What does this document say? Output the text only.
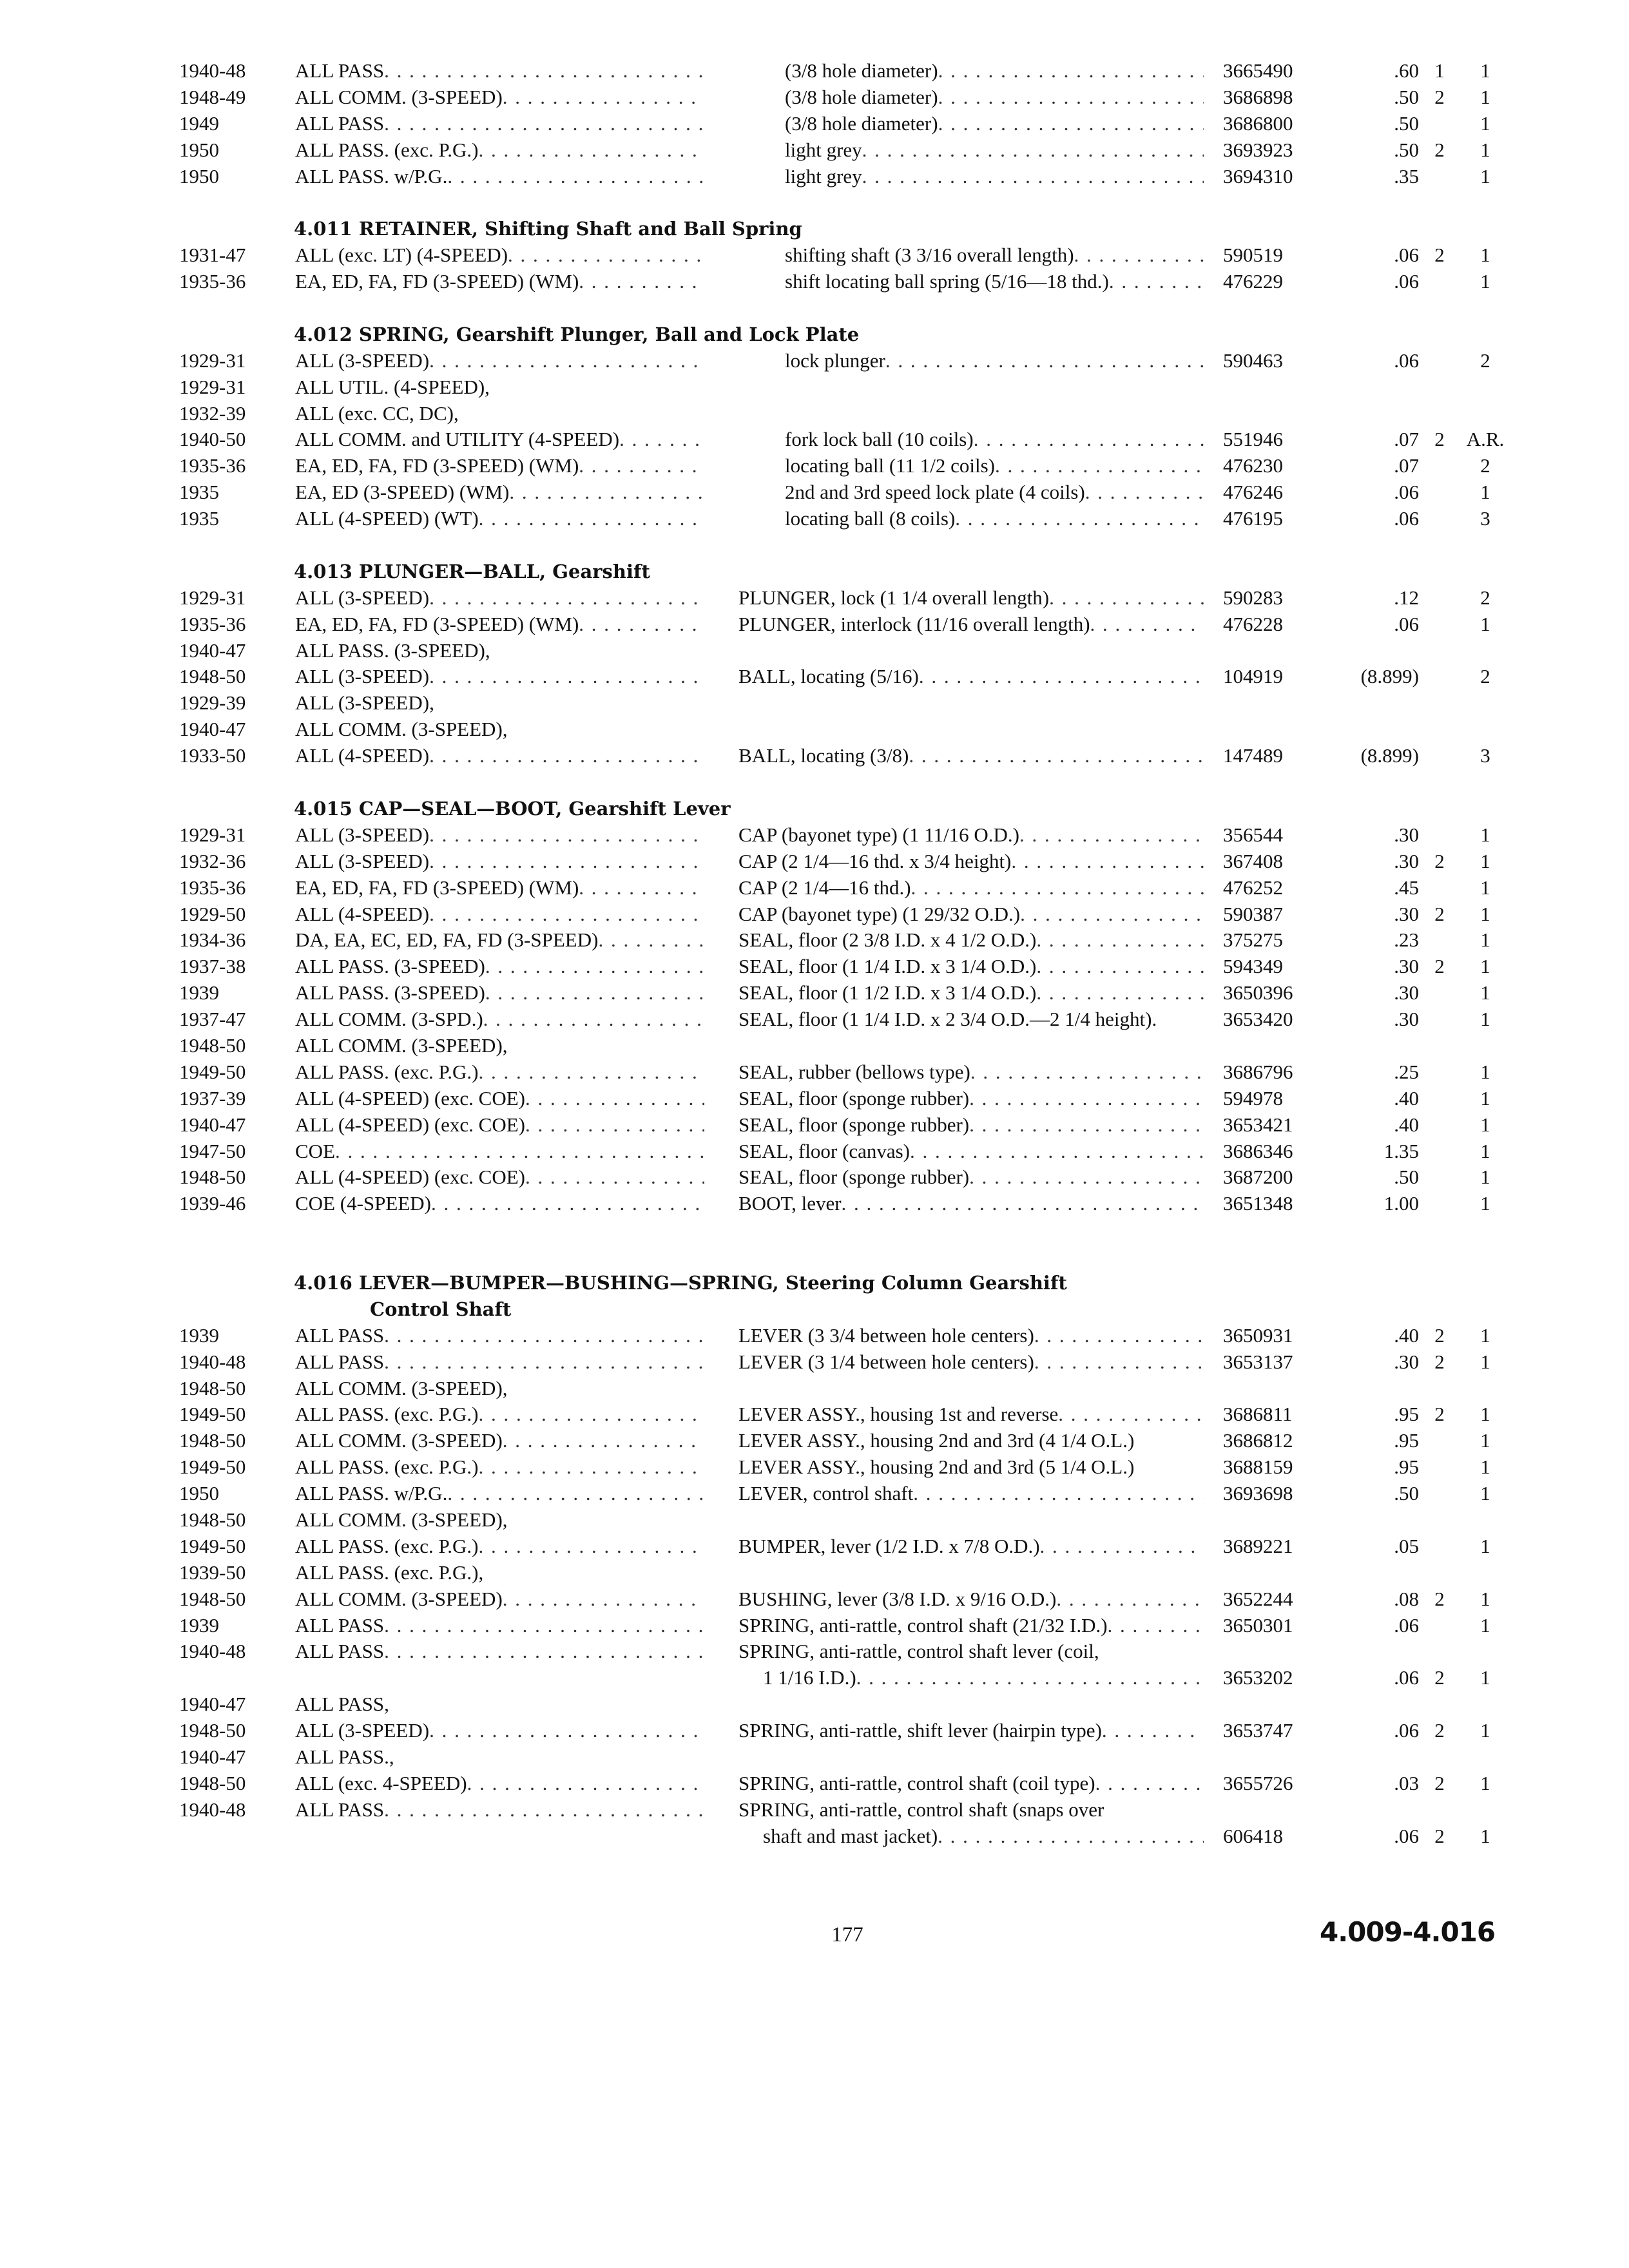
1940-48 ALL PASS . . .	(3/8 hole diameter) . . .	3665490	.60 1	1
1948-49 ALL COMM. (3-SPEED) . . .	(3/8 hole diameter) . . .	3686898	.50 2	1
1949	ALL PASS . . .	(3/8 hole diameter) . . .	3686800	.50	1
1950	ALL PASS. (exc. P.G.) . . .	light grey . . .	3693923	.50 2	1
1950	ALL PASS. w/P.G. . . .	light grey . . .	3694310	.35	1
4.011 RETAINER, Shifting Shaft and Ball Spring
1931-47 ALL (exc. LT) (4-SPEED) . . .	shifting shaft (3 3/16 overall length) . . .	590519	.06 2	1
1935-36 EA, ED, FA, FD (3-SPEED) (WM) . . .	shift locating ball spring (5/16—18 thd.) . . .	476229	.06	1
4.012 SPRING, Gearshift Plunger, Ball and Lock Plate
1929-31 ALL (3-SPEED) . . .	lock plunger . . .	590463	.06	2
1929-31 ALL UTIL. (4-SPEED),
1932-39 ALL (exc. CC, DC),
1940-50 ALL COMM. and UTILITY (4-SPEED) . . .	fork lock ball (10 coils) . . .	551946	.07 2	A.R.
1935-36 EA, ED, FA, FD (3-SPEED) (WM) . . .	locating ball (11 1/2 coils) . . .	476230	.07	2
1935	EA, ED (3-SPEED) (WM) . . .	2nd and 3rd speed lock plate (4 coils) . . .	476246	.06	1
1935	ALL (4-SPEED) (WT) . . .	locating ball (8 coils) . . .	476195	.06	3
4.013 PLUNGER—BALL, Gearshift
1929-31 ALL (3-SPEED) . . .	PLUNGER, lock (1 1/4 overall length) . . .	590283	.12	2
1935-36 EA, ED, FA, FD (3-SPEED) (WM) . . .	PLUNGER, interlock (11/16 overall length) . . .	476228	.06	1
1940-47 ALL PASS. (3-SPEED),
1948-50 ALL (3-SPEED) . . .	BALL, locating (5/16) . . .	104919	(8.899)	2
1929-39 ALL (3-SPEED),
1940-47 ALL COMM. (3-SPEED),
1933-50 ALL (4-SPEED) . . .	BALL, locating (3/8) . . .	147489	(8.899)	3
4.015 CAP—SEAL—BOOT, Gearshift Lever
1929-31 ALL (3-SPEED) . . .	CAP (bayonet type) (1 11/16 O.D.) . . .	356544	.30	1
1932-36 ALL (3-SPEED) . . .	CAP (2 1/4—16 thd. x 3/4 height) . . .	367408	.30 2	1
1935-36 EA, ED, FA, FD (3-SPEED) (WM) . . .	CAP (2 1/4—16 thd.) . . .	476252	.45	1
1929-50 ALL (4-SPEED) . . .	CAP (bayonet type) (1 29/32 O.D.) . . .	590387	.30 2	1
1934-36 DA, EA, EC, ED, FA, FD (3-SPEED) . . .	SEAL, floor (2 3/8 I.D. x 4 1/2 O.D.) . . .	375275	.23	1
1937-38 ALL PASS. (3-SPEED) . . .	SEAL, floor (1 1/4 I.D. x 3 1/4 O.D.) . . .	594349	.30 2	1
1939	ALL PASS. (3-SPEED) . . .	SEAL, floor (1 1/2 I.D. x 3 1/4 O.D.) . . .	3650396	.30	1
1937-47 ALL COMM. (3-SPD.) . . .	SEAL, floor (1 1/4 I.D. x 2 3/4 O.D.—2 1/4 height).	3653420	.30	1
1948-50 ALL COMM. (3-SPEED),
1949-50 ALL PASS. (exc. P.G.) . . .	SEAL, rubber (bellows type) . . .	3686796	.25	1
1937-39 ALL (4-SPEED) (exc. COE) . . .	SEAL, floor (sponge rubber) . . .	594978	.40	1
1940-47 ALL (4-SPEED) (exc. COE) . . .	SEAL, floor (sponge rubber) . . .	3653421	.40	1
1947-50 COE . . .	SEAL, floor (canvas) . . .	3686346	1.35	1
1948-50 ALL (4-SPEED) (exc. COE) . . .	SEAL, floor (sponge rubber) . . .	3687200	.50	1
1939-46 COE (4-SPEED) . . .	BOOT, lever . . .	3651348	1.00	1
4.016 LEVER—BUMPER—BUSHING—SPRING, Steering Column Gearshift
Control Shaft
1939	ALL PASS . . .	LEVER (3 3/4 between hole centers) . . .	3650931	.40 2	1
1940-48 ALL PASS . . .	LEVER (3 1/4 between hole centers) . . .	3653137	.30 2	1
1948-50 ALL COMM. (3-SPEED),
1949-50 ALL PASS. (exc. P.G.) . . .	LEVER ASSY., housing 1st and reverse . . .	3686811	.95 2	1
1948-50 ALL COMM. (3-SPEED) . . .	LEVER ASSY., housing 2nd and 3rd (4 1/4 O.L.)	3686812	.95	1
1949-50 ALL PASS. (exc. P.G.) . . .	LEVER ASSY., housing 2nd and 3rd (5 1/4 O.L.)	3688159	.95	1
1950	ALL PASS. w/P.G. . . .	LEVER, control shaft . . .	3693698	.50	1
1948-50 ALL COMM. (3-SPEED),
1949-50 ALL PASS. (exc. P.G.) . . .	BUMPER, lever (1/2 I.D. x 7/8 O.D.) . . .	3689221	.05	1
1939-50 ALL PASS. (exc. P.G.),
1948-50 ALL COMM. (3-SPEED) . . .	BUSHING, lever (3/8 I.D. x 9/16 O.D.) . . .	3652244	.08 2	1
1939	ALL PASS . . .	SPRING, anti-rattle, control shaft (21/32 I.D.) . . .	3650301	.06	1
1940-48 ALL PASS . . .	SPRING, anti-rattle, control shaft lever (coil,
1 1/16 I.D.) . . .	3653202	.06 2	1
1940-47 ALL PASS,
1948-50 ALL (3-SPEED) . . .	SPRING, anti-rattle, shift lever (hairpin type) . . .	3653747	.06 2	1
1940-47 ALL PASS.,
1948-50 ALL (exc. 4-SPEED) . . .	SPRING, anti-rattle, control shaft (coil type) . . .	3655726	.03 2	1
1940-48 ALL PASS . . .	SPRING, anti-rattle, control shaft (snaps over
shaft and mast jacket) . . .	606418	.06 2	1
177	4.009-4.016
